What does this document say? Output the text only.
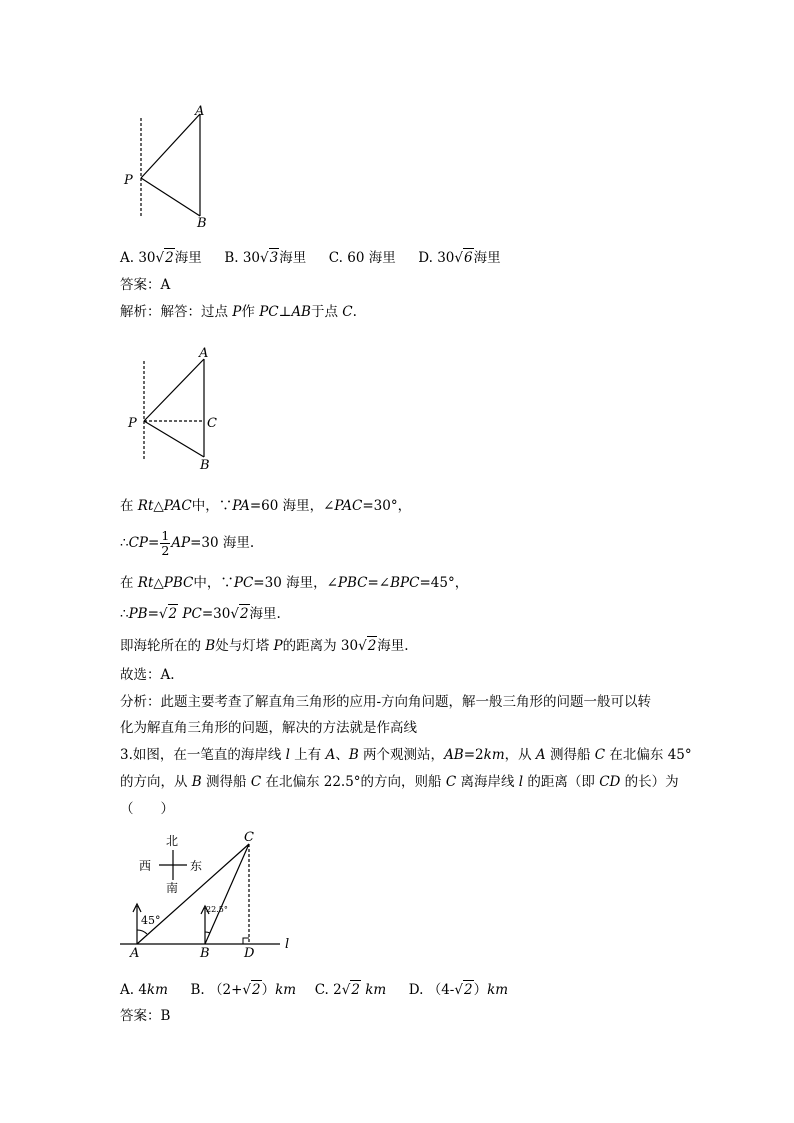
A
B
P
A. 30√2海里 B. 30√3海里 C. 60 海里 D. 30√6海里
答案：A
解析：解答：过点 P作 PC⊥AB于点 C.
A
B
P	C
在 Rt△PAC中，∵PA=60 海里，∠PAC=30°，
∴CP= $\frac{1}{2} AP=30$ 海里.
在 Rt△PBC中，∵PC=30 海里，∠PBC=∠BPC=45°，
∴PB=√2 PC=30√2海里.
即海轮所在的 B处与灯塔 P的距离为 30√2海里.
故选：A.
分析：此题主要考查了解直角三角形的应用-方向角问题，解一般三角形的问题一般可以转
化为解直角三角形的问题，解决的方法就是作高线
3.如图，在一笔直的海岸线 l 上有 A、B 两个观测站，AB=2km，从 A 测得船 C 在北偏东 45°
的方向，从 B 测得船 C 在北偏东 22.5°的方向，则船 C 离海岸线 l 的距离（即 CD 的长）为
（　　）
北
南
西	东
45°
22.5°
A	B
C
D
l
A. 4km B. （2+√2）km C. 2√2 km D. （4-√2）km
答案：B
